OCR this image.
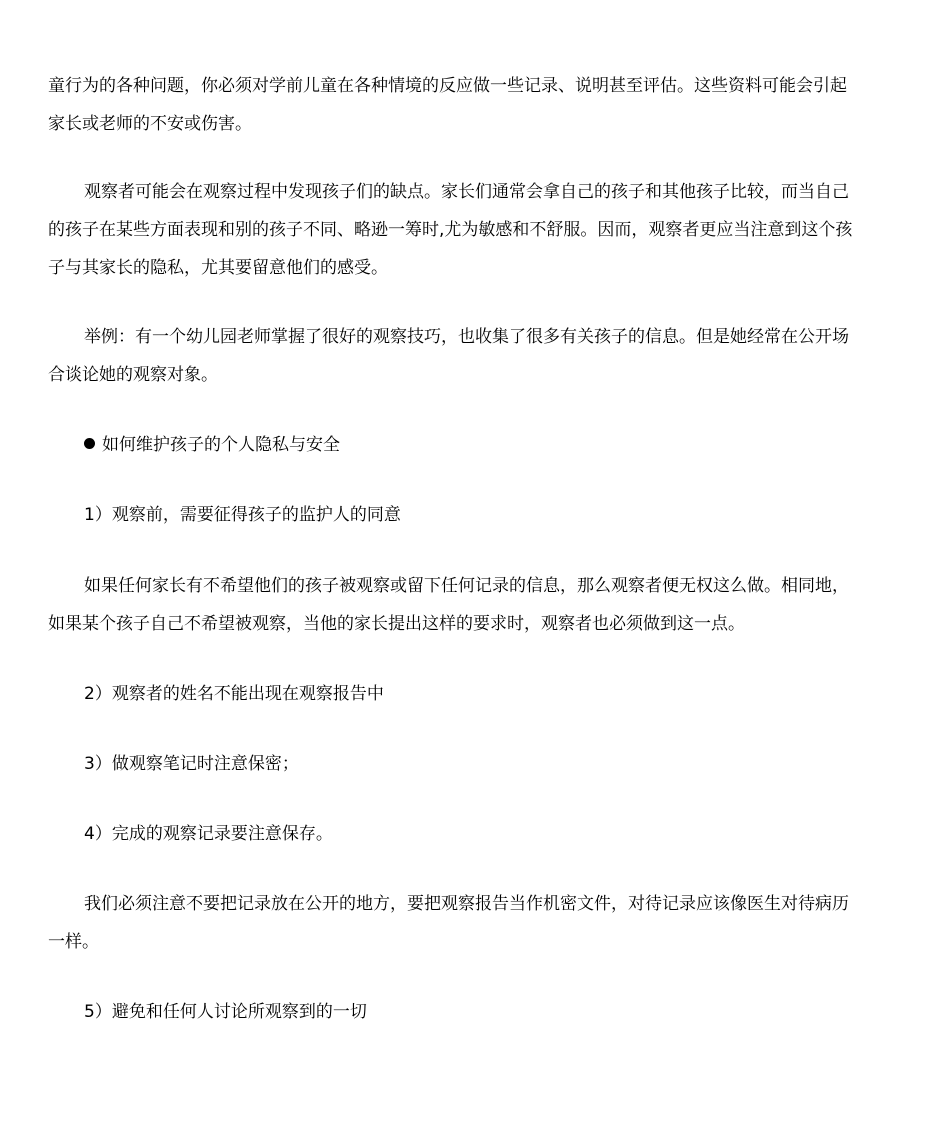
童行为的各种问题，你必须对学前儿童在各种情境的反应做一些记录、说明甚至评估。这些资料可能会引起
家长或老师的不安或伤害。
观察者可能会在观察过程中发现孩子们的缺点。家长们通常会拿自己的孩子和其他孩子比较，而当自己
的孩子在某些方面表现和别的孩子不同、略逊一筹时,尤为敏感和不舒服。因而，观察者更应当注意到这个孩
子与其家长的隐私，尤其要留意他们的感受。
举例：有一个幼儿园老师掌握了很好的观察技巧，也收集了很多有关孩子的信息。但是她经常在公开场
合谈论她的观察对象。
如何维护孩子的个人隐私与安全
1）观察前，需要征得孩子的监护人的同意
如果任何家长有不希望他们的孩子被观察或留下任何记录的信息，那么观察者便无权这么做。相同地，
如果某个孩子自己不希望被观察，当他的家长提出这样的要求时，观察者也必须做到这一点。
2）观察者的姓名不能出现在观察报告中
3）做观察笔记时注意保密；
4）完成的观察记录要注意保存。
我们必须注意不要把记录放在公开的地方，要把观察报告当作机密文件，对待记录应该像医生对待病历
一样。
5）避免和任何人讨论所观察到的一切
